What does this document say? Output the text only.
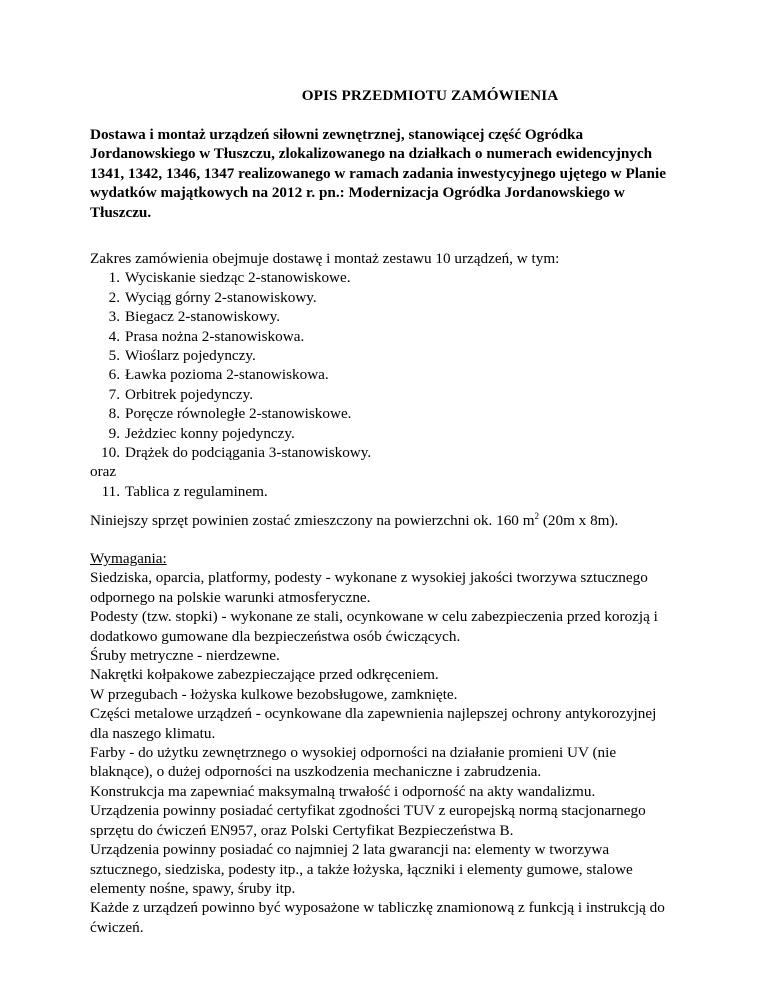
OPIS PRZEDMIOTU ZAMÓWIENIA
Dostawa i montaż urządzeń siłowni zewnętrznej, stanowiącej część Ogródka Jordanowskiego w Tłuszczu, zlokalizowanego na działkach o numerach ewidencyjnych 1341, 1342, 1346, 1347 realizowanego w ramach zadania inwestycyjnego ujętego w Planie wydatków majątkowych na 2012 r. pn.: Modernizacja Ogródka Jordanowskiego w Tłuszczu.
Zakres zamówienia obejmuje dostawę i montaż zestawu 10 urządzeń, w tym:
1. Wyciskanie siedząc 2-stanowiskowe.
2. Wyciąg górny 2-stanowiskowy.
3. Biegacz 2-stanowiskowy.
4. Prasa nożna 2-stanowiskowa.
5. Wioślarz pojedynczy.
6. Ławka pozioma 2-stanowiskowa.
7. Orbitrek pojedynczy.
8. Poręcze równoległe 2-stanowiskowe.
9. Jeżdziec konny pojedynczy.
10. Drążek do podciągania 3-stanowiskowy.
oraz
11. Tablica z regulaminem.
Niniejszy sprzęt powinien zostać zmieszczony na powierzchni ok. 160 $m^2$ (20m x 8m).
Wymagania:

Siedziska, oparcia, platformy, podesty - wykonane z wysokiej jakości tworzywa sztucznego odpornego na polskie warunki atmosferyczne.

Podesty (tzw. stopki) - wykonane ze stali, ocynkowane w celu zabezpieczenia przed korozją i dodatkowo gumowane dla bezpieczeństwa osób ćwiczących.

Śruby metryczne - nierdzewne.

Nakrętki kołpakowe zabezpieczające przed odkręceniem.

W przegubach - łożyska kulkowe bezobsługowe, zamknięte.

Części metalowe urządzeń - ocynkowane dla zapewnienia najlepszej ochrony antykorozyjnej dla naszego klimatu.

Farby - do użytku zewnętrznego o wysokiej odporności na działanie promieni UV (nie blaknące), o dużej odporności na uszkodzenia mechaniczne i zabrudzenia.

Konstrukcja ma zapewniać maksymalną trwałość i odporność na akty wandalizmu.

Urządzenia powinny posiadać certyfikat zgodności TUV z europejską normą stacjonarnego sprzętu do ćwiczeń EN957, oraz Polski Certyfikat Bezpieczeństwa B.

Urządzenia powinny posiadać co najmniej 2 lata gwarancji na: elementy w tworzywa sztucznego, siedziska, podesty itp., a także łożyska, łączniki i elementy gumowe, stalowe elementy nośne, spawy, śruby itp.

Każde z urządzeń powinno być wyposażone w tabliczkę znamionową z funkcją i instrukcją do ćwiczeń.
